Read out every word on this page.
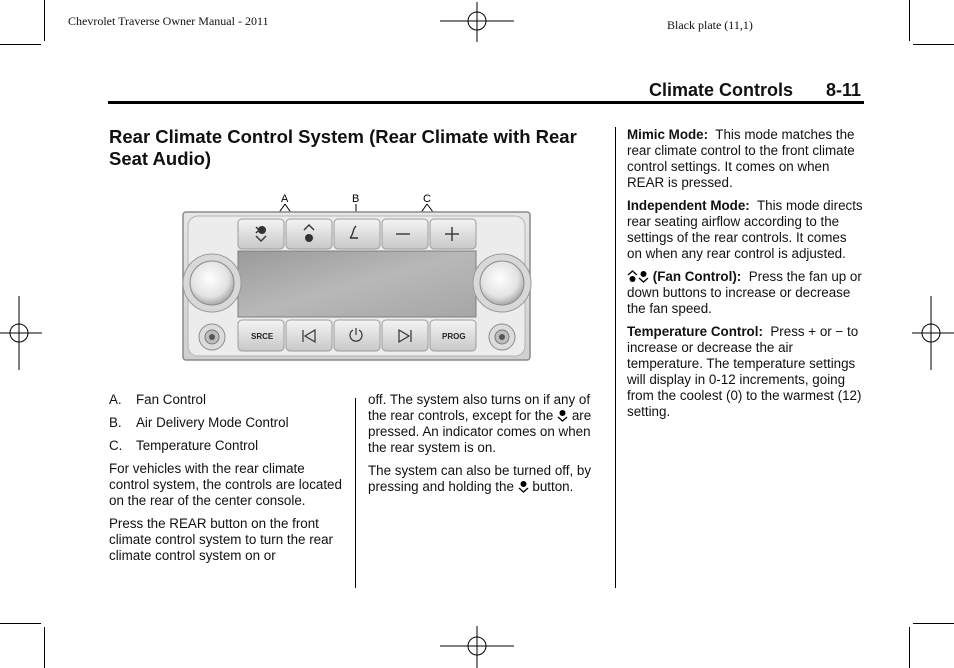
Chevrolet Traverse Owner Manual - 2011	Black plate (11,1)
Climate Controls 8-11
Rear Climate Control System (Rear Climate with Rear Seat Audio)
A	B	C
SRCE	PROG
A.	Fan Control
B.	Air Delivery Mode Control
C.	Temperature Control

For vehicles with the rear climate control system, the controls are located on the rear of the center console.

Press the REAR button on the front climate control system to turn the rear climate control system on or

off. The system also turns on if any of the rear controls, except for the are pressed. An indicator comes on when the rear system is on.

The system can also be turned off, by pressing and holding the button.

Mimic Mode: This mode matches the rear climate control to the front climate control settings. It comes on when REAR is pressed.

Independent Mode: This mode directs rear seating airflow according to the settings of the rear controls. It comes on when any rear control is adjusted.

(Fan Control): Press the fan up or down buttons to increase or decrease the fan speed.

Temperature Control: Press + or − to increase or decrease the air temperature. The temperature settings will display in 0-12 increments, going from the coolest (0) to the warmest (12) setting.
